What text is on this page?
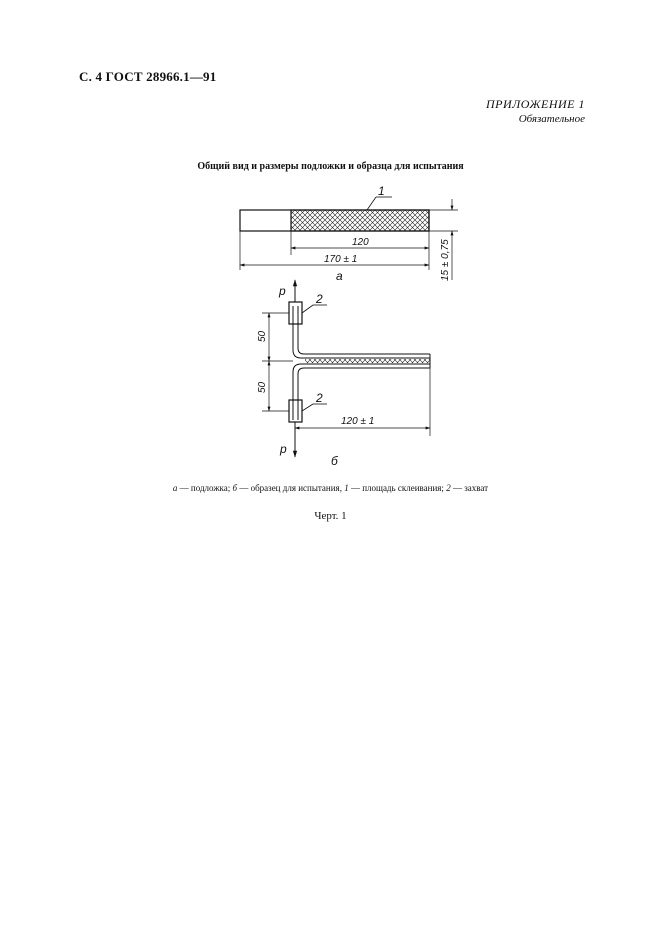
С. 4 ГОСТ 28966.1—91
ПРИЛОЖЕНИЕ 1
Обязательное
Общий вид и размеры подложки и образца для испытания
1
120
170 ± 1	15 ± 0,75
а
p
2
2
p
50
50
120 ± 1
б
а — подложка; б — образец для испытания, 1 — площадь склеивания; 2 — захват
Черт. 1
